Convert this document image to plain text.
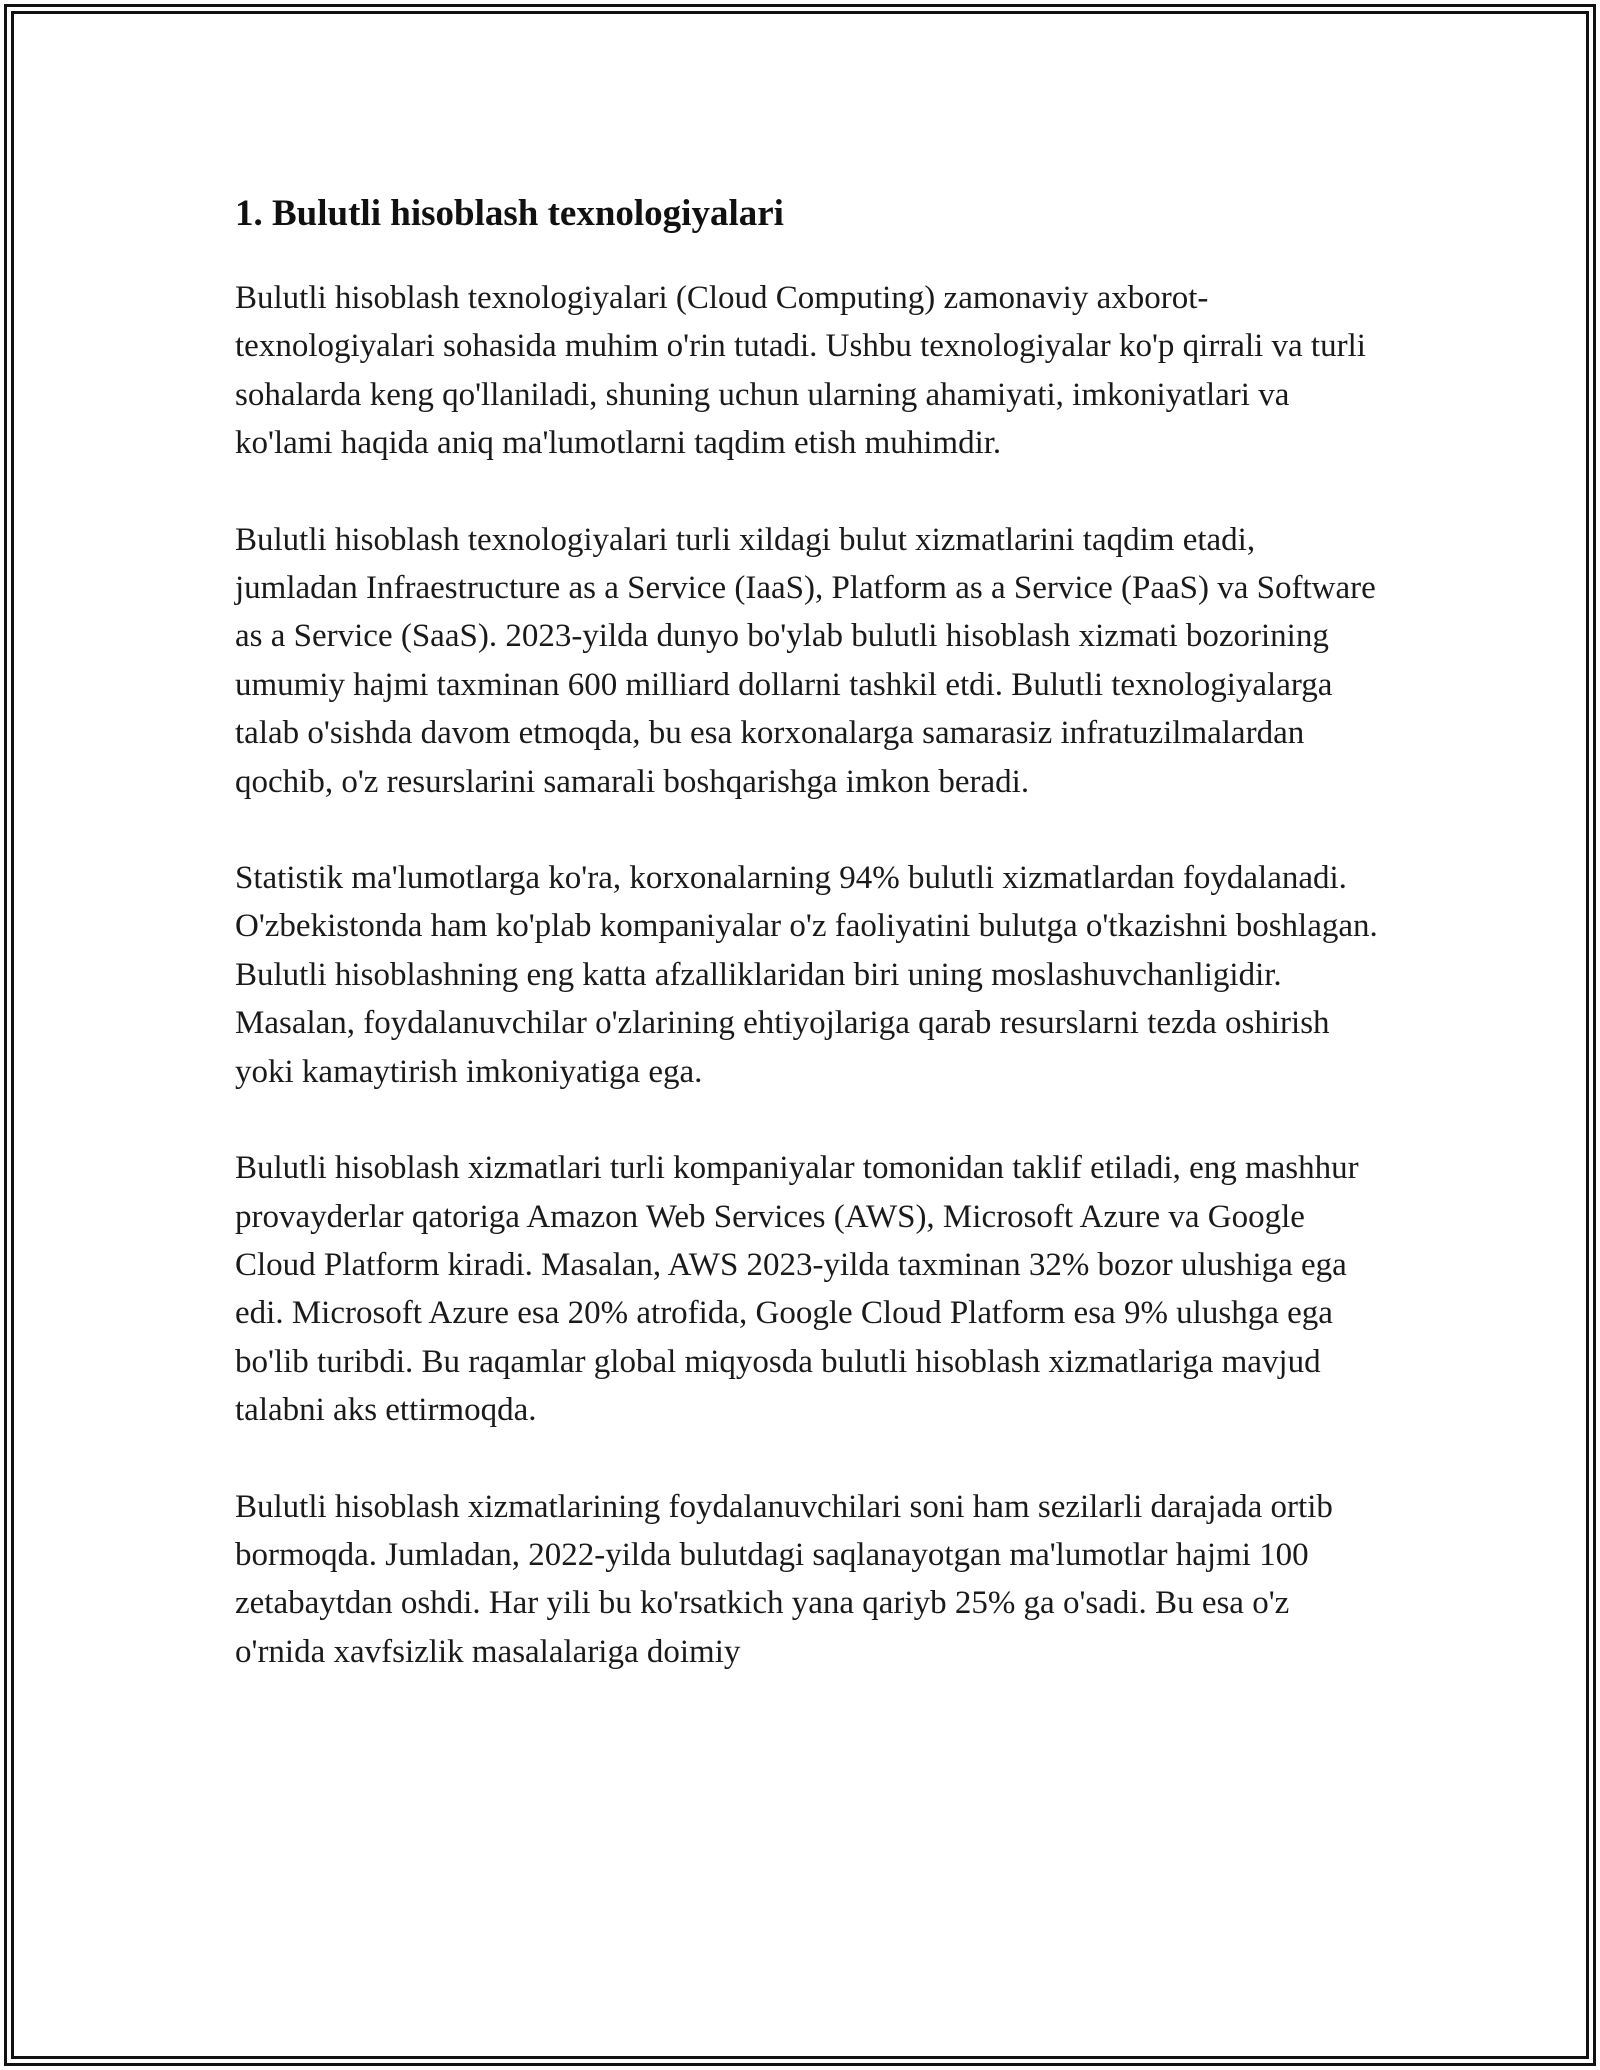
1. Bulutli hisoblash texnologiyalari

Bulutli hisoblash texnologiyalari (Cloud Computing) zamonaviy axborot-texnologiyalari sohasida muhim o'rin tutadi. Ushbu texnologiyalar ko'p qirrali va turli sohalarda keng qo'llaniladi, shuning uchun ularning ahamiyati, imkoniyatlari va ko'lami haqida aniq ma'lumotlarni taqdim etish muhimdir.

Bulutli hisoblash texnologiyalari turli xildagi bulut xizmatlarini taqdim etadi, jumladan Infraestructure as a Service (IaaS), Platform as a Service (PaaS) va Software as a Service (SaaS). 2023-yilda dunyo bo'ylab bulutli hisoblash xizmati bozorining umumiy hajmi taxminan 600 milliard dollarni tashkil etdi. Bulutli texnologiyalarga talab o'sishda davom etmoqda, bu esa korxonalarga samarasiz infratuzilmalardan qochib, o'z resurslarini samarali boshqarishga imkon beradi.

Statistik ma'lumotlarga ko'ra, korxonalarning 94% bulutli xizmatlardan foydalanadi. O'zbekistonda ham ko'plab kompaniyalar o'z faoliyatini bulutga o'tkazishni boshlagan. Bulutli hisoblashning eng katta afzalliklaridan biri uning moslashuvchanligidir. Masalan, foydalanuvchilar o'zlarining ehtiyojlariga qarab resurslarni tezda oshirish yoki kamaytirish imkoniyatiga ega.

Bulutli hisoblash xizmatlari turli kompaniyalar tomonidan taklif etiladi, eng mashhur provayderlar qatoriga Amazon Web Services (AWS), Microsoft Azure va Google Cloud Platform kiradi. Masalan, AWS 2023-yilda taxminan 32% bozor ulushiga ega edi. Microsoft Azure esa 20% atrofida, Google Cloud Platform esa 9% ulushga ega bo'lib turibdi. Bu raqamlar global miqyosda bulutli hisoblash xizmatlariga mavjud talabni aks ettirmoqda.

Bulutli hisoblash xizmatlarining foydalanuvchilari soni ham sezilarli darajada ortib bormoqda. Jumladan, 2022-yilda bulutdagi saqlanayotgan ma'lumotlar hajmi 100 zetabaytdan oshdi. Har yili bu ko'rsatkich yana qariyb 25% ga o'sadi. Bu esa o'z o'rnida xavfsizlik masalalariga doimiy
